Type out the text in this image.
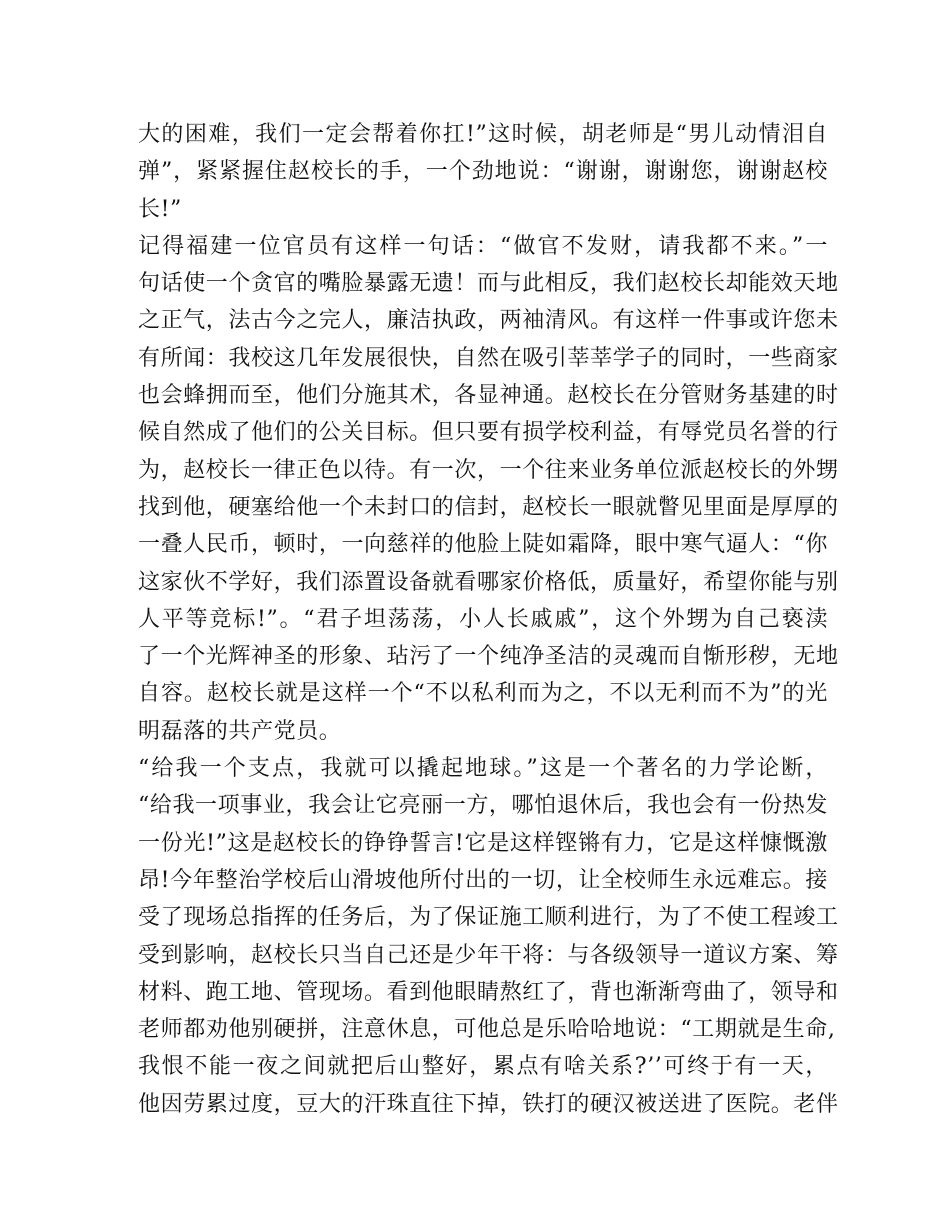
大的困难，我们一定会帮着你扛!”这时候，胡老师是“男儿动情泪自
弹”，紧紧握住赵校长的手，一个劲地说：“谢谢，谢谢您，谢谢赵校
长!”
记得福建一位官员有这样一句话：“做官不发财，请我都不来。”一
句话使一个贪官的嘴脸暴露无遗！而与此相反，我们赵校长却能效天地
之正气，法古今之完人，廉洁执政，两袖清风。有这样一件事或许您未
有所闻：我校这几年发展很快，自然在吸引莘莘学子的同时，一些商家
也会蜂拥而至，他们分施其术，各显神通。赵校长在分管财务基建的时
候自然成了他们的公关目标。但只要有损学校利益，有辱党员名誉的行
为，赵校长一律正色以待。有一次，一个往来业务单位派赵校长的外甥
找到他，硬塞给他一个未封口的信封，赵校长一眼就瞥见里面是厚厚的
一叠人民币，顿时，一向慈祥的他脸上陡如霜降，眼中寒气逼人：“你
这家伙不学好，我们添置设备就看哪家价格低，质量好，希望你能与别
人平等竞标!”。“君子坦荡荡，小人长戚戚”，这个外甥为自己亵渎
了一个光辉神圣的形象、玷污了一个纯净圣洁的灵魂而自惭形秽，无地
自容。赵校长就是这样一个“不以私利而为之，不以无利而不为”的光
明磊落的共产党员。
“给我一个支点，我就可以撬起地球。”这是一个著名的力学论断，
“给我一项事业，我会让它亮丽一方，哪怕退休后，我也会有一份热发
一份光!”这是赵校长的铮铮誓言!它是这样铿锵有力，它是这样慷慨激
昂!今年整治学校后山滑坡他所付出的一切，让全校师生永远难忘。接
受了现场总指挥的任务后，为了保证施工顺利进行，为了不使工程竣工
受到影响，赵校长只当自己还是少年干将：与各级领导一道议方案、筹
材料、跑工地、管现场。看到他眼睛熬红了，背也渐渐弯曲了，领导和
老师都劝他别硬拼，注意休息，可他总是乐哈哈地说：“工期就是生命,
我恨不能一夜之间就把后山整好，累点有啥关系?’’可终于有一天，
他因劳累过度，豆大的汗珠直往下掉，铁打的硬汉被送进了医院。老伴
